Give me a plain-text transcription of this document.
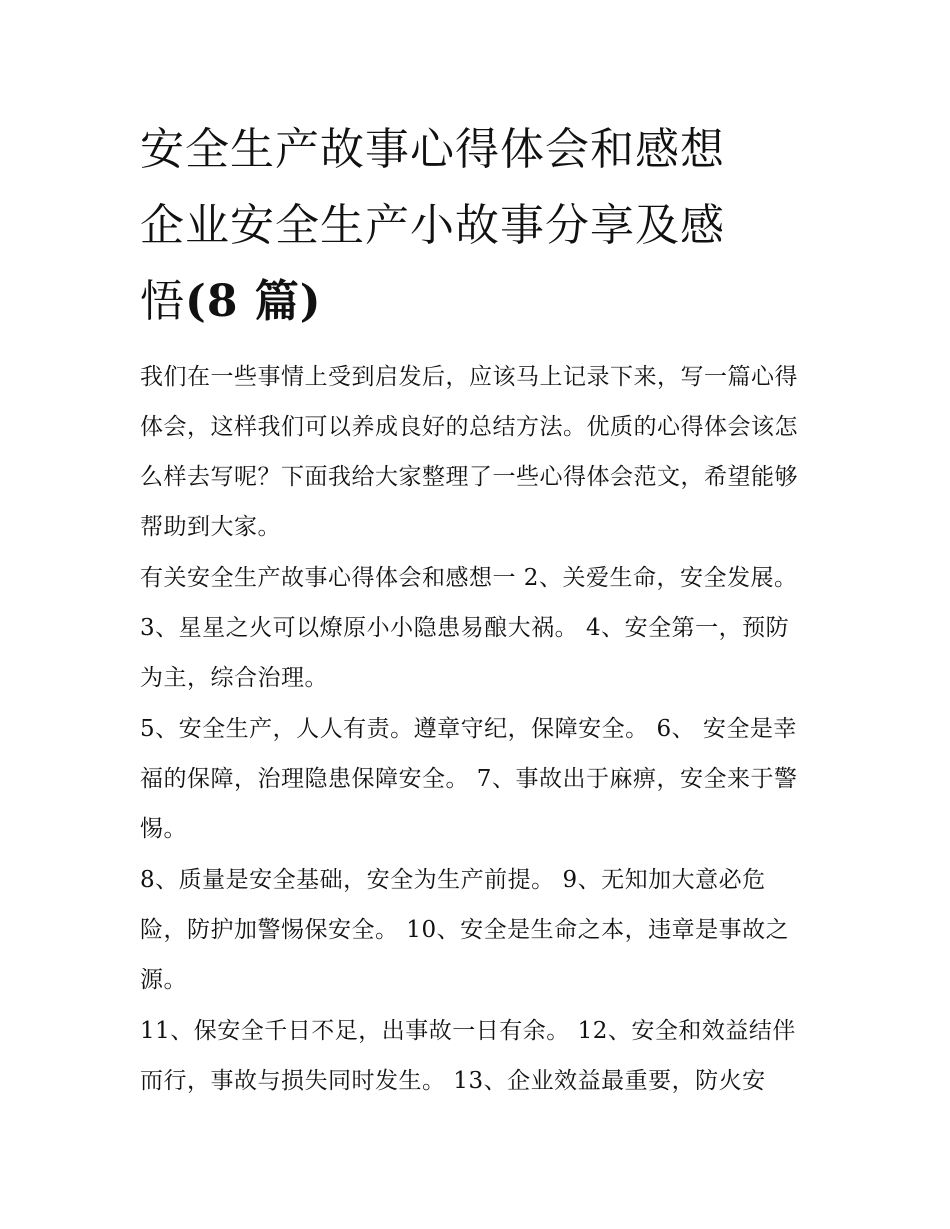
安全生产故事心得体会和感想
企业安全生产小故事分享及感
悟(8 篇)

我们在一些事情上受到启发后，应该马上记录下来，写一篇心得体会，这样我们可以养成良好的总结方法。优质的心得体会该怎么样去写呢？下面我给大家整理了一些心得体会范文，希望能够帮助到大家。

有关安全生产故事心得体会和感想一 2、关爱生命，安全发展。 3、星星之火可以燎原小小隐患易酿大祸。 4、安全第一，预防为主，综合治理。

5、安全生产，人人有责。遵章守纪，保障安全。 6、 安全是幸福的保障，治理隐患保障安全。 7、事故出于麻痹，安全来于警惕。

8、质量是安全基础，安全为生产前提。 9、无知加大意必危险，防护加警惕保安全。 10、安全是生命之本，违章是事故之源。

11、保安全千日不足，出事故一日有余。 12、安全和效益结伴而行，事故与损失同时发生。 13、企业效益最重要，防火安
